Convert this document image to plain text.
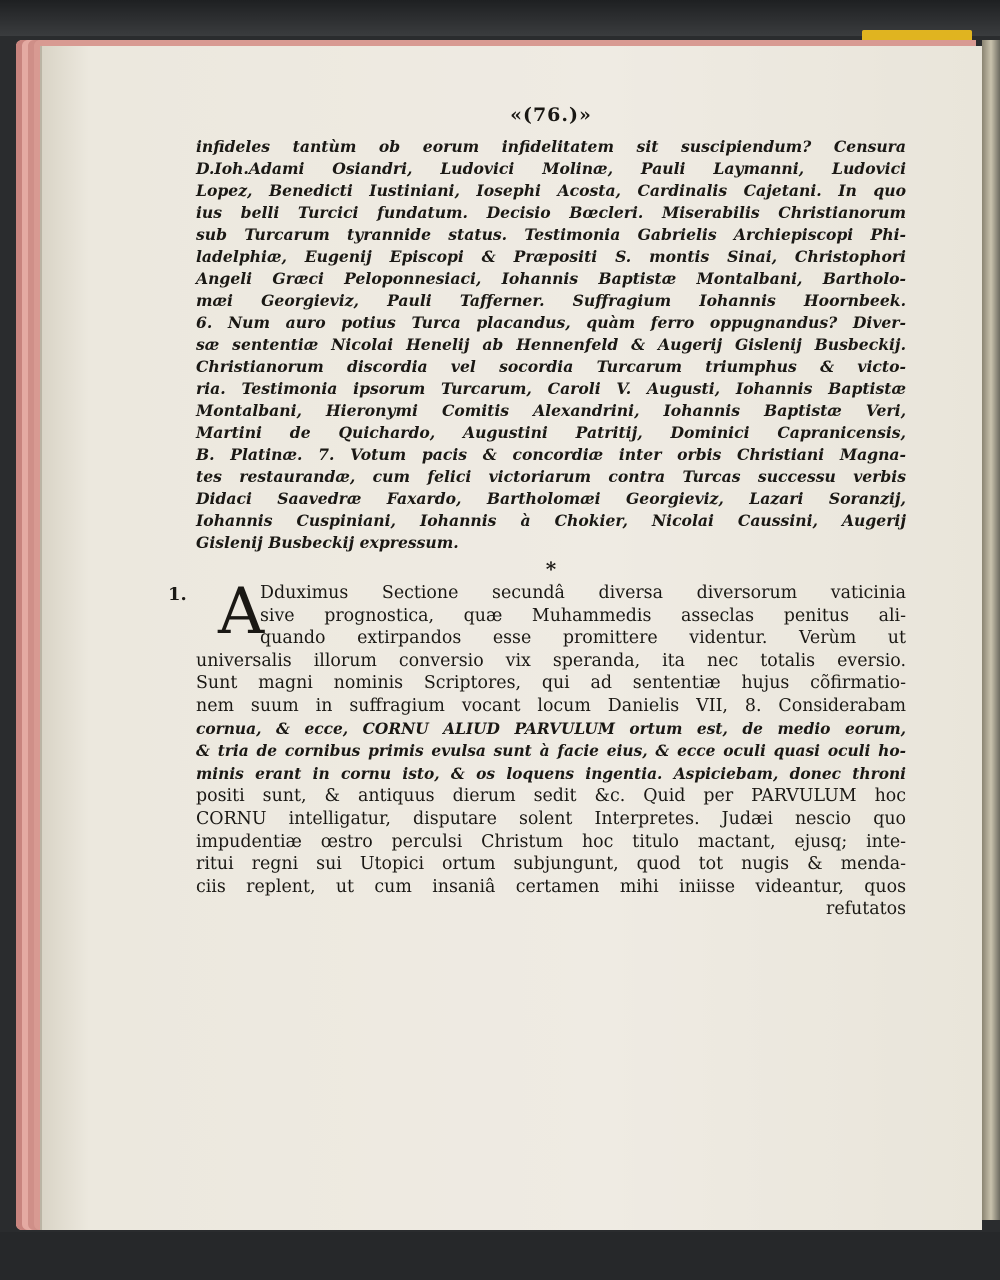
«(76.)»

infideles tantùm ob eorum infidelitatem sit suscipiendum? Censura

D.Ioh.Adami Osiandri, Ludovici Molinæ, Pauli Laymanni, Ludovici

Lopez, Benedicti Iustiniani, Iosephi Acosta, Cardinalis Cajetani. In quo

ius belli Turcici fundatum. Decisio Bœcleri. Miserabilis Christianorum

sub Turcarum tyrannide status. Testimonia Gabrielis Archiepiscopi Phi-

ladelphiæ, Eugenij Episcopi & Præpositi S. montis Sinai, Christophori

Angeli Græci Peloponnesiaci, Iohannis Baptistæ Montalbani, Bartholo-

mæi Georgieviz, Pauli Tafferner. Suffragium Iohannis Hoornbeek.

6. Num auro potius Turca placandus, quàm ferro oppugnandus? Diver-

sæ sententiæ Nicolai Henelij ab Hennenfeld & Augerij Gislenij Busbeckij.

Christianorum discordia vel socordia Turcarum triumphus & victo-

ria. Testimonia ipsorum Turcarum, Caroli V. Augusti, Iohannis Baptistæ

Montalbani, Hieronymi Comitis Alexandrini, Iohannis Baptistæ Veri,

Martini de Quichardo, Augustini Patritij, Dominici Capranicensis,

B. Platinæ. 7. Votum pacis & concordiæ inter orbis Christiani Magna-

tes restaurandæ, cum felici victoriarum contra Turcas successu verbis

Didaci Saavedræ Faxardo, Bartholomæi Georgieviz, Lazari Soranzij,

Iohannis Cuspiniani, Iohannis à Chokier, Nicolai Caussini, Augerij

Gislenij Busbeckij expressum.

*
1. A

Dduximus Sectione secundâ diversa diversorum vaticinia

sive prognostica, quæ Muhammedis asseclas penitus ali-

quando extirpandos esse promittere videntur. Verùm ut

universalis illorum conversio vix speranda, ita nec totalis eversio.

Sunt magni nominis Scriptores, qui ad sententiæ hujus cõfirmatio-

nem suum in suffragium vocant locum Danielis VII, 8. Considerabam

cornua, & ecce, CORNU ALIUD PARVULUM ortum est, de medio eorum,

& tria de cornibus primis evulsa sunt à facie eius, & ecce oculi quasi oculi ho-

minis erant in cornu isto, & os loquens ingentia. Aspiciebam, donec throni

positi sunt, & antiquus dierum sedit &c. Quid per PARVULUM hoc

CORNU intelligatur, disputare solent Interpretes. Judæi nescio quo

impudentiæ œstro perculsi Christum hoc titulo mactant, ejusq; inte-

ritui regni sui Utopici ortum subjungunt, quod tot nugis & menda-

ciis replent, ut cum insaniâ certamen mihi iniisse videantur, quos

refutatos
